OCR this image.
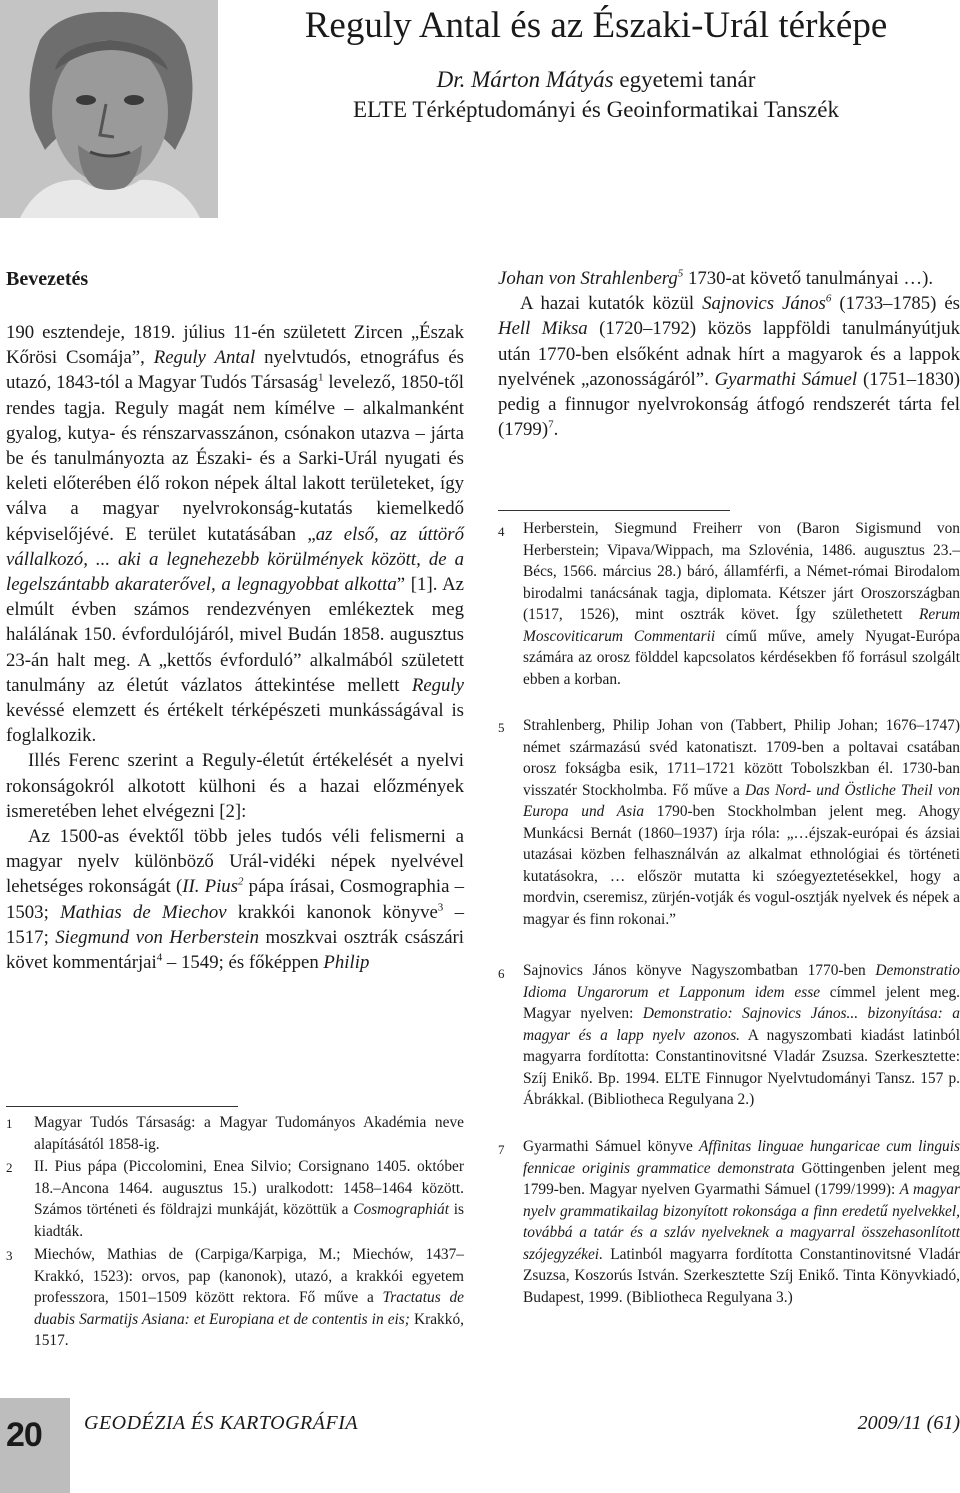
Reguly Antal és az Északi-Urál térképe
Dr. Márton Mátyás egyetemi tanár
ELTE Térképtudományi és Geoinformatikai Tanszék
Bevezetés

190 esztendeje, 1819. július 11-én született Zircen „Észak Kőrösi Csomája”, Reguly Antal nyelvtudós, etnográfus és utazó, 1843-tól a Magyar Tudós Társaság$^1$ levelező, 1850-től rendes tagja. Reguly magát nem kímélve – alkalmanként gyalog, kutya- és rénszarvasszánon, csónakon utazva – járta be és tanulmányozta az Északi- és a Sarki-Urál nyugati és keleti előterében élő rokon népek által lakott területeket, így válva a magyar nyelvrokonság-kutatás kiemelkedő képviselőjévé. E terület kutatásában „az első, az úttörő vállalkozó, ... aki a legnehezebb körülmények között, de a legelszántabb akaraterővel, a legnagyobbat alkotta” [1]. Az elmúlt évben számos rendezvényen emlékeztek meg halálának 150. évfordulójáról, mivel Budán 1858. augusztus 23-án halt meg. A „kettős évforduló” alkalmából született tanulmány az életút vázlatos áttekintése mellett Reguly kevéssé elemzett és értékelt térképészeti munkásságával is foglalkozik.

Illés Ferenc szerint a Reguly-életút értékelését a nyelvi rokonságokról alkotott külhoni és a hazai előzmények ismeretében lehet elvégezni [2]:

Az 1500-as évektől több jeles tudós véli felismerni a magyar nyelv különböző Urál-vidéki népek nyelvével lehetséges rokonságát (II. Pius$^2$ pápa írásai, Cosmographia – 1503; Mathias de Miechov krakkói kanonok könyve$^3$ – 1517; Siegmund von Herberstein moszkvai osztrák császári követ kommentárjai$^4$ – 1549; és főképpen Philip

1 Magyar Tudós Társaság: a Magyar Tudományos Akadémia neve alapításától 1858-ig.
2 II. Pius pápa (Piccolomini, Enea Silvio; Corsignano 1405. október 18.–Ancona 1464. augusztus 15.) uralkodott: 1458–1464 között. Számos történeti és földrajzi munkáját, közöttük a Cosmographiát is kiadták.
3 Miechów, Mathias de (Carpiga/Karpiga, M.; Miechów, 1437–Krakkó, 1523): orvos, pap (kanonok), utazó, a krakkói egyetem professzora, 1501–1509 között rektora. Fő műve a Tractatus de duabis Sarmatijs Asiana: et Europiana et de contentis in eis; Krakkó, 1517.

Johan von Strahlenberg$^5$ 1730-at követő tanulmányai …).

A hazai kutatók közül Sajnovics János$^6$ (1733–1785) és Hell Miksa (1720–1792) közös lappföldi tanulmányútjuk után 1770-ben elsőként adnak hírt a magyarok és a lappok nyelvének „azonosságáról”. Gyarmathi Sámuel (1751–1830) pedig a finnugor nyelvrokonság átfogó rendszerét tárta fel $(1799)^7$.

4 Herberstein, Siegmund Freiherr von (Baron Sigismund von Herberstein; Vipava/Wippach, ma Szlovénia, 1486. augusztus 23.–Bécs, 1566. március 28.) báró, államférfi, a Német-római Birodalom birodalmi tanácsának tagja, diplomata. Kétszer járt Oroszországban (1517, 1526), mint osztrák követ. Így születhetett Rerum Moscoviticarum Commentarii című műve, amely Nyugat-Európa számára az orosz földdel kapcsolatos kérdésekben fő forrásul szolgált ebben a korban.
5 Strahlenberg, Philip Johan von (Tabbert, Philip Johan; 1676–1747) német származású svéd katonatiszt. 1709-ben a poltavai csatában orosz fokságba esik, 1711–1721 között Tobolszkban él. 1730-ban visszatér Stockholmba. Fő műve a Das Nord- und Östliche Theil von Europa und Asia 1790-ben Stockholmban jelent meg. Ahogy Munkácsi Bernát (1860–1937) írja róla: „…éjszak-európai és ázsiai utazásai közben felhasználván az alkalmat ethnológiai és történeti kutatásokra, … először mutatta ki szóegyeztetésekkel, hogy a mordvin, cseremisz, zürjén-votják és vogul-osztják nyelvek és népek a magyar és finn rokonai.”
6 Sajnovics János könyve Nagyszombatban 1770-ben Demonstratio Idioma Ungarorum et Lapponum idem esse címmel jelent meg. Magyar nyelven: Demonstratio: Sajnovics János... bizonyítása: a magyar és a lapp nyelv azonos. A nagyszombati kiadást latinból magyarra fordította: Constantinovitsné Vladár Zsuzsa. Szerkesztette: Szíj Enikő. Bp. 1994. ELTE Finnugor Nyelvtudományi Tansz. 157 p. Ábrákkal. (Bibliotheca Regulyana 2.)
7 Gyarmathi Sámuel könyve Affinitas linguae hungaricae cum linguis fennicae originis grammatice demonstrata Göttingenben jelent meg 1799-ben. Magyar nyelven Gyarmathi Sámuel (1799/1999): A magyar nyelv grammatikailag bizonyított rokonsága a finn eredetű nyelvekkel, továbbá a tatár és a szláv nyelveknek a magyarral összehasonlított szójegyzékei. Latinból magyarra fordította Constantinovitsné Vladár Zsuzsa, Koszorús István. Szerkesztette Szíj Enikő. Tinta Könyvkiadó, Budapest, 1999. (Bibliotheca Regulyana 3.)
20 GEODÉZIA ÉS KARTOGRÁFIA	2009/11 (61)
